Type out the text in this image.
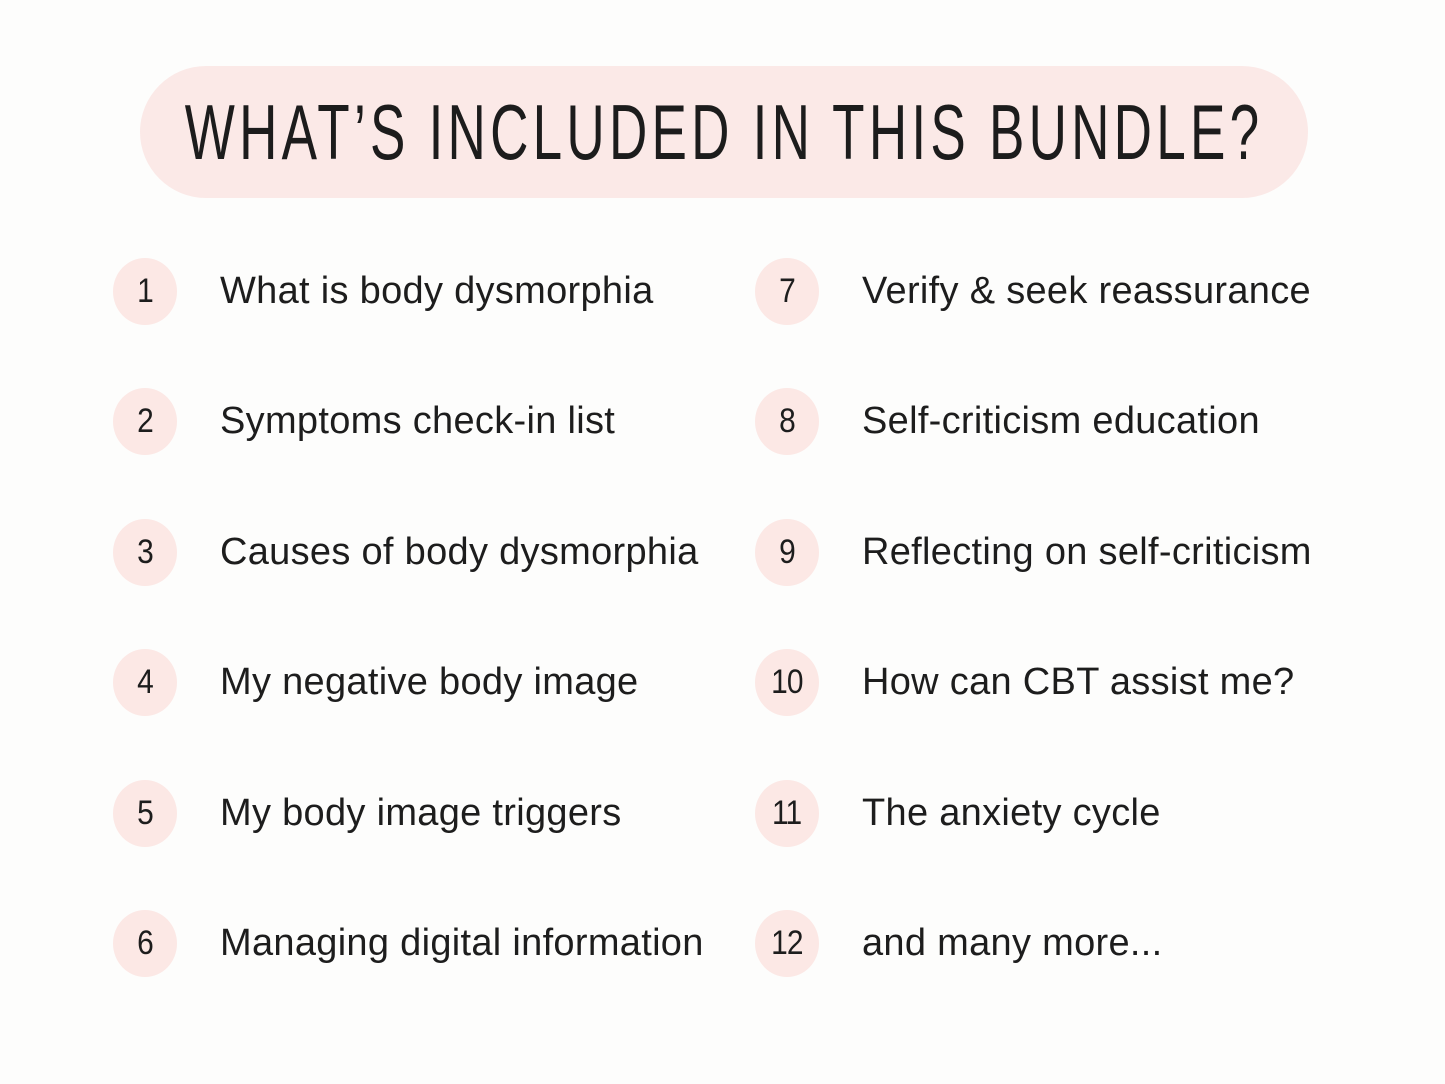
WHAT’S INCLUDED IN THIS BUNDLE?
1 What is body dysmorphia
2 Symptoms check-in list
3 Causes of body dysmorphia
4 My negative body image
5 My body image triggers
6 Managing digital information
7 Verify & seek reassurance
8 Self-criticism education
9 Reflecting on self-criticism
10 How can CBT assist me?
11 The anxiety cycle
12 and many more...
